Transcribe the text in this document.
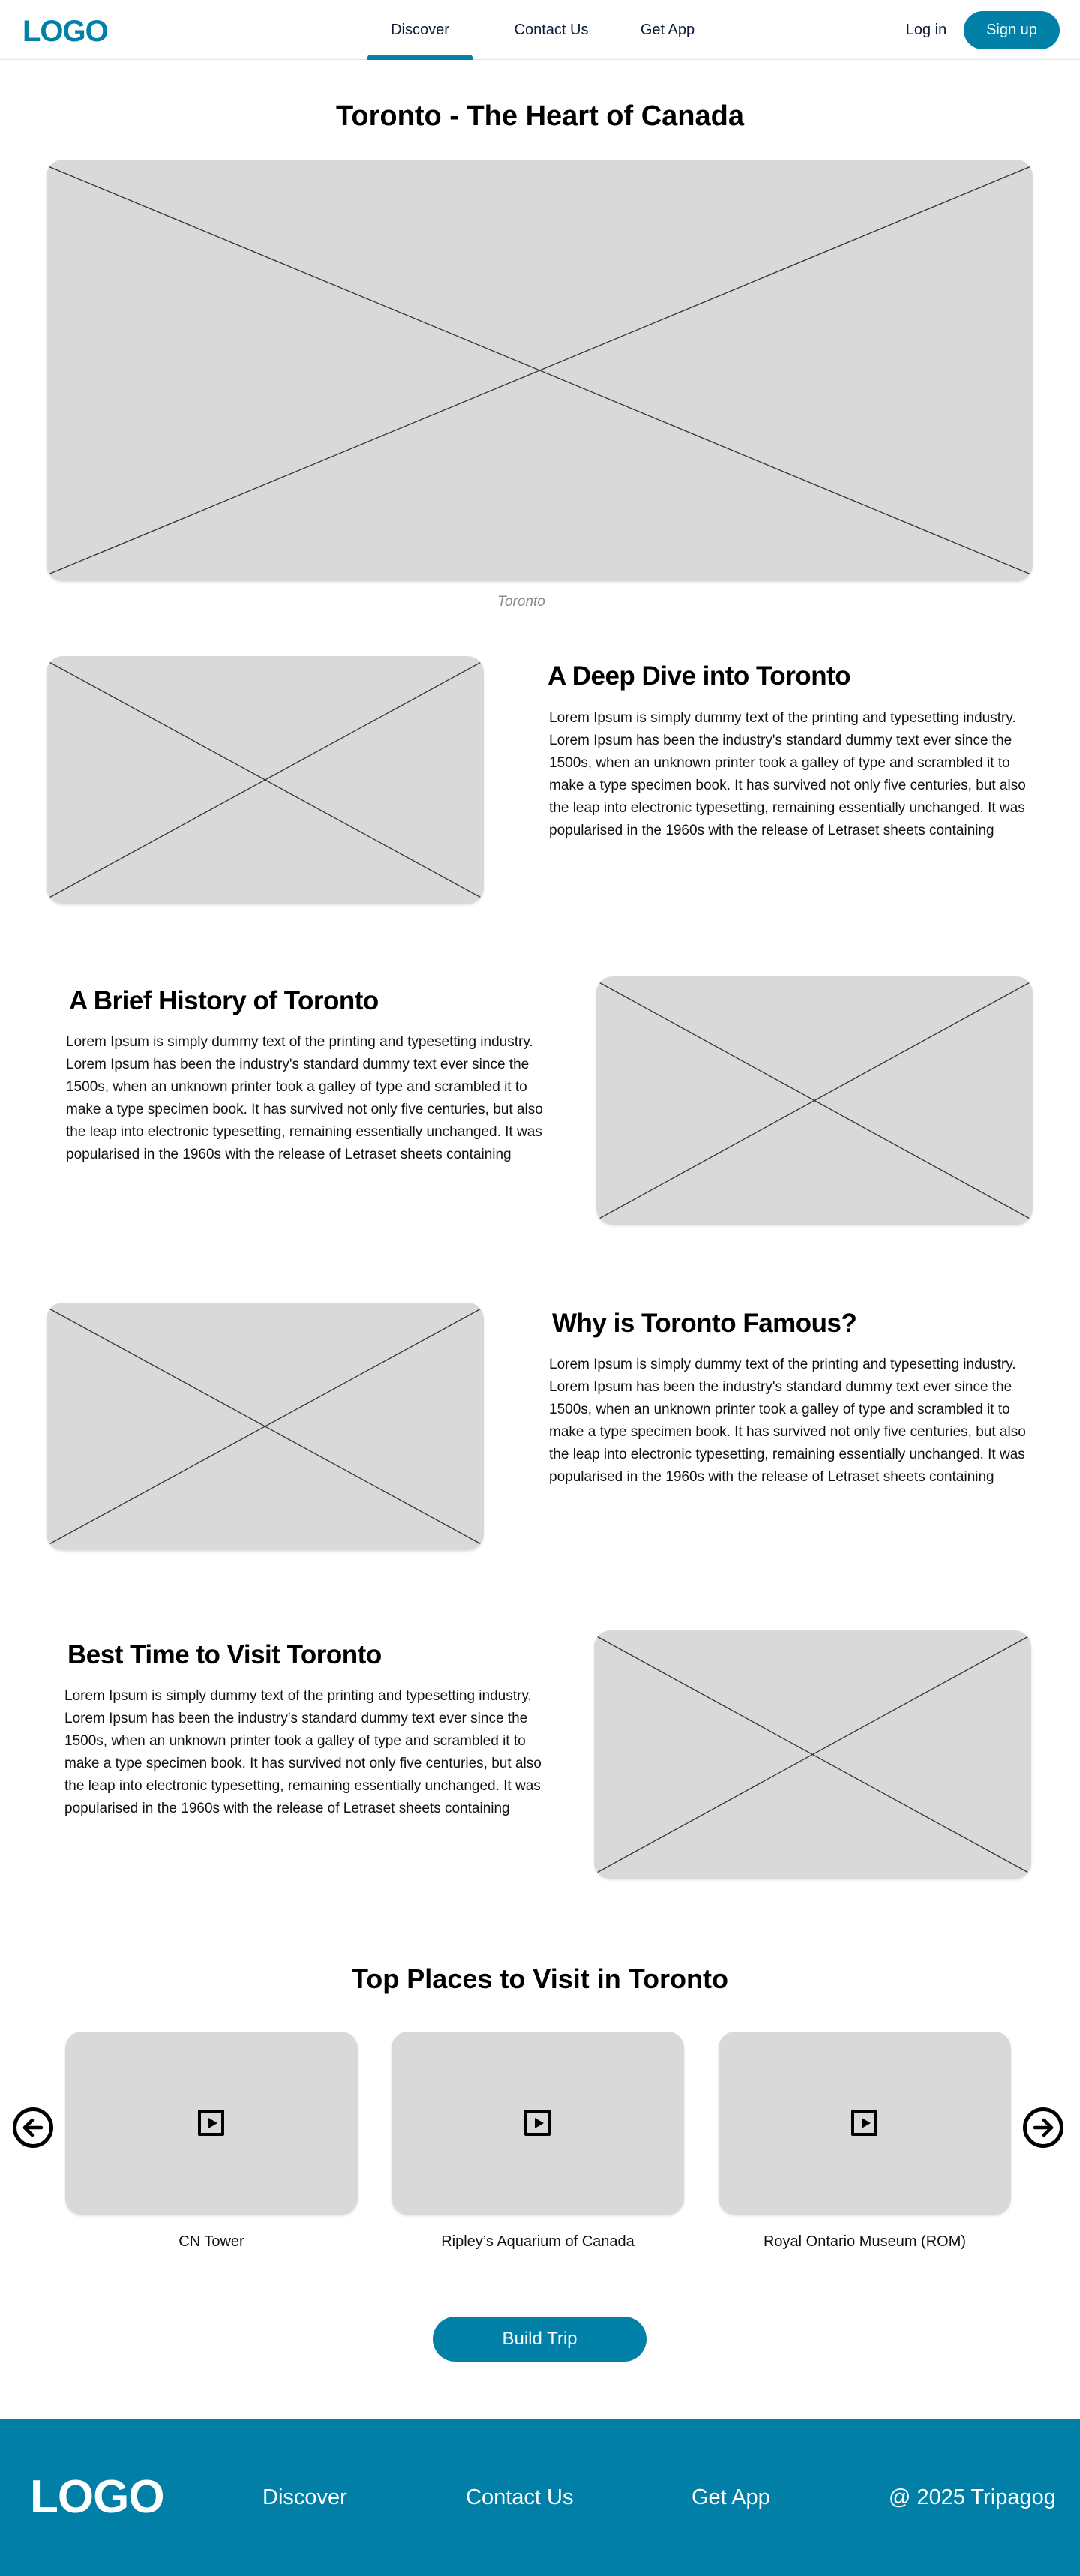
LOGO	Discover	Contact Us	Get App	Log in	Sign up
Toronto - The Heart of Canada
Toronto
A Deep Dive into Toronto

Lorem Ipsum is simply dummy text of the printing and typesetting industry. Lorem Ipsum has been the industry's standard dummy text ever since the 1500s, when an unknown printer took a galley of type and scrambled it to make a type specimen book. It has survived not only five centuries, but also the leap into electronic typesetting, remaining essentially unchanged. It was popularised in the 1960s with the release of Letraset sheets containing

A Brief History of Toronto

Lorem Ipsum is simply dummy text of the printing and typesetting industry. Lorem Ipsum has been the industry's standard dummy text ever since the 1500s, when an unknown printer took a galley of type and scrambled it to make a type specimen book. It has survived not only five centuries, but also the leap into electronic typesetting, remaining essentially unchanged. It was popularised in the 1960s with the release of Letraset sheets containing

Why is Toronto Famous?

Lorem Ipsum is simply dummy text of the printing and typesetting industry. Lorem Ipsum has been the industry's standard dummy text ever since the 1500s, when an unknown printer took a galley of type and scrambled it to make a type specimen book. It has survived not only five centuries, but also the leap into electronic typesetting, remaining essentially unchanged. It was popularised in the 1960s with the release of Letraset sheets containing

Best Time to Visit Toronto

Lorem Ipsum is simply dummy text of the printing and typesetting industry. Lorem Ipsum has been the industry's standard dummy text ever since the 1500s, when an unknown printer took a galley of type and scrambled it to make a type specimen book. It has survived not only five centuries, but also the leap into electronic typesetting, remaining essentially unchanged. It was popularised in the 1960s with the release of Letraset sheets containing

Top Places to Visit in Toronto
CN Tower	Ripley’s Aquarium of Canada	Royal Ontario Museum (ROM)
Build Trip
LOGO	Discover	Contact Us	Get App	@ 2025 Tripagog
